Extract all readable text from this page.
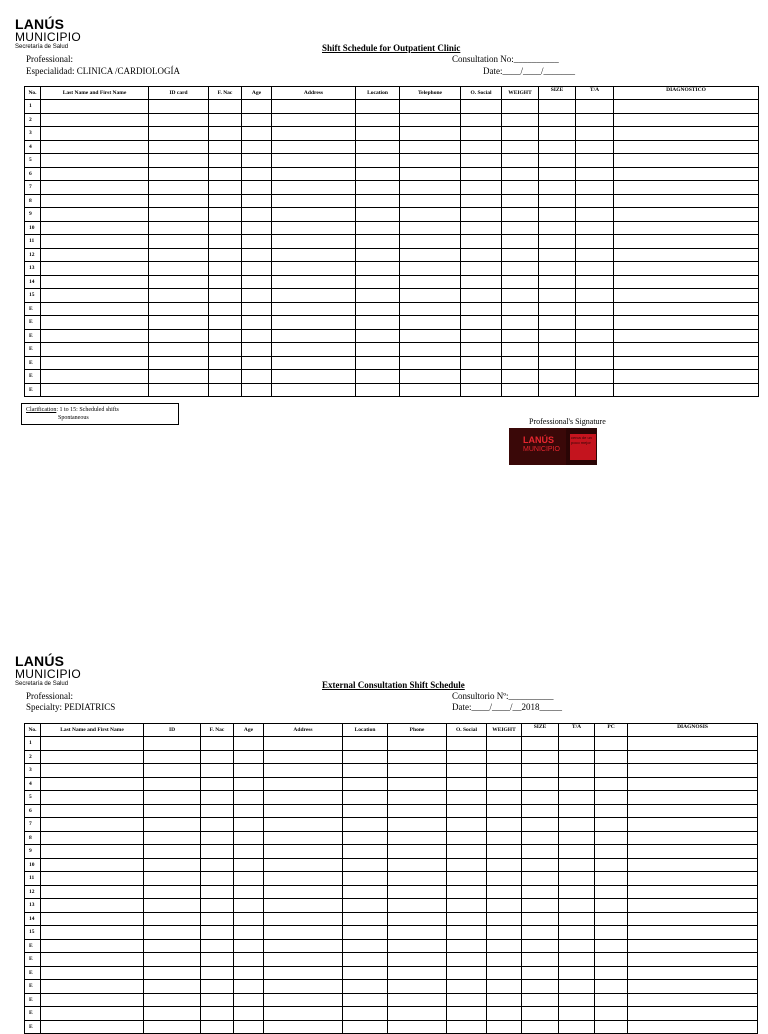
LANÚS
MUNICIPIO
Secretaría de Salud	Shift Schedule for Outpatient Clinic
Professional:
Especialidad: CLINICA /CARDIOLOGÍA
Consultation No:__________
Date:____/____/_______
No.	Last Name and First Name	ID card	F. Nac	Age	Address	Location	Telephone	O. Social	WEIGHT	SIZE	T/A	DIAGNOSTICO
1												
2												
3												
4												
5												
6												
7												
8												
9												
10												
11												
12												
13												
14												
15												
E												
E												
E												
E												
E												
E												
E												
Clarification: 1 to 15: Scheduled shifts
Spontaneous	Professional's Signature
LANÚS
MUNICIPIO
cerca de un poco mejor
LANÚS
MUNICIPIO
Secretaría de Salud	External Consultation Shift Schedule
Professional:
Specialty: PEDIATRICS
Consultorio Nº:__________
Date:____/____/__2018_____
No.	Last Name and First Name	ID	F. Nac	Age	Address	Location	Phone	O. Social	WEIGHT	SIZE	T/A	PC	DIAGNOSIS
1													
2													
3													
4													
5													
6													
7													
8													
9													
10													
11													
12													
13													
14													
15													
E													
E													
E													
E													
E													
E													
E													
